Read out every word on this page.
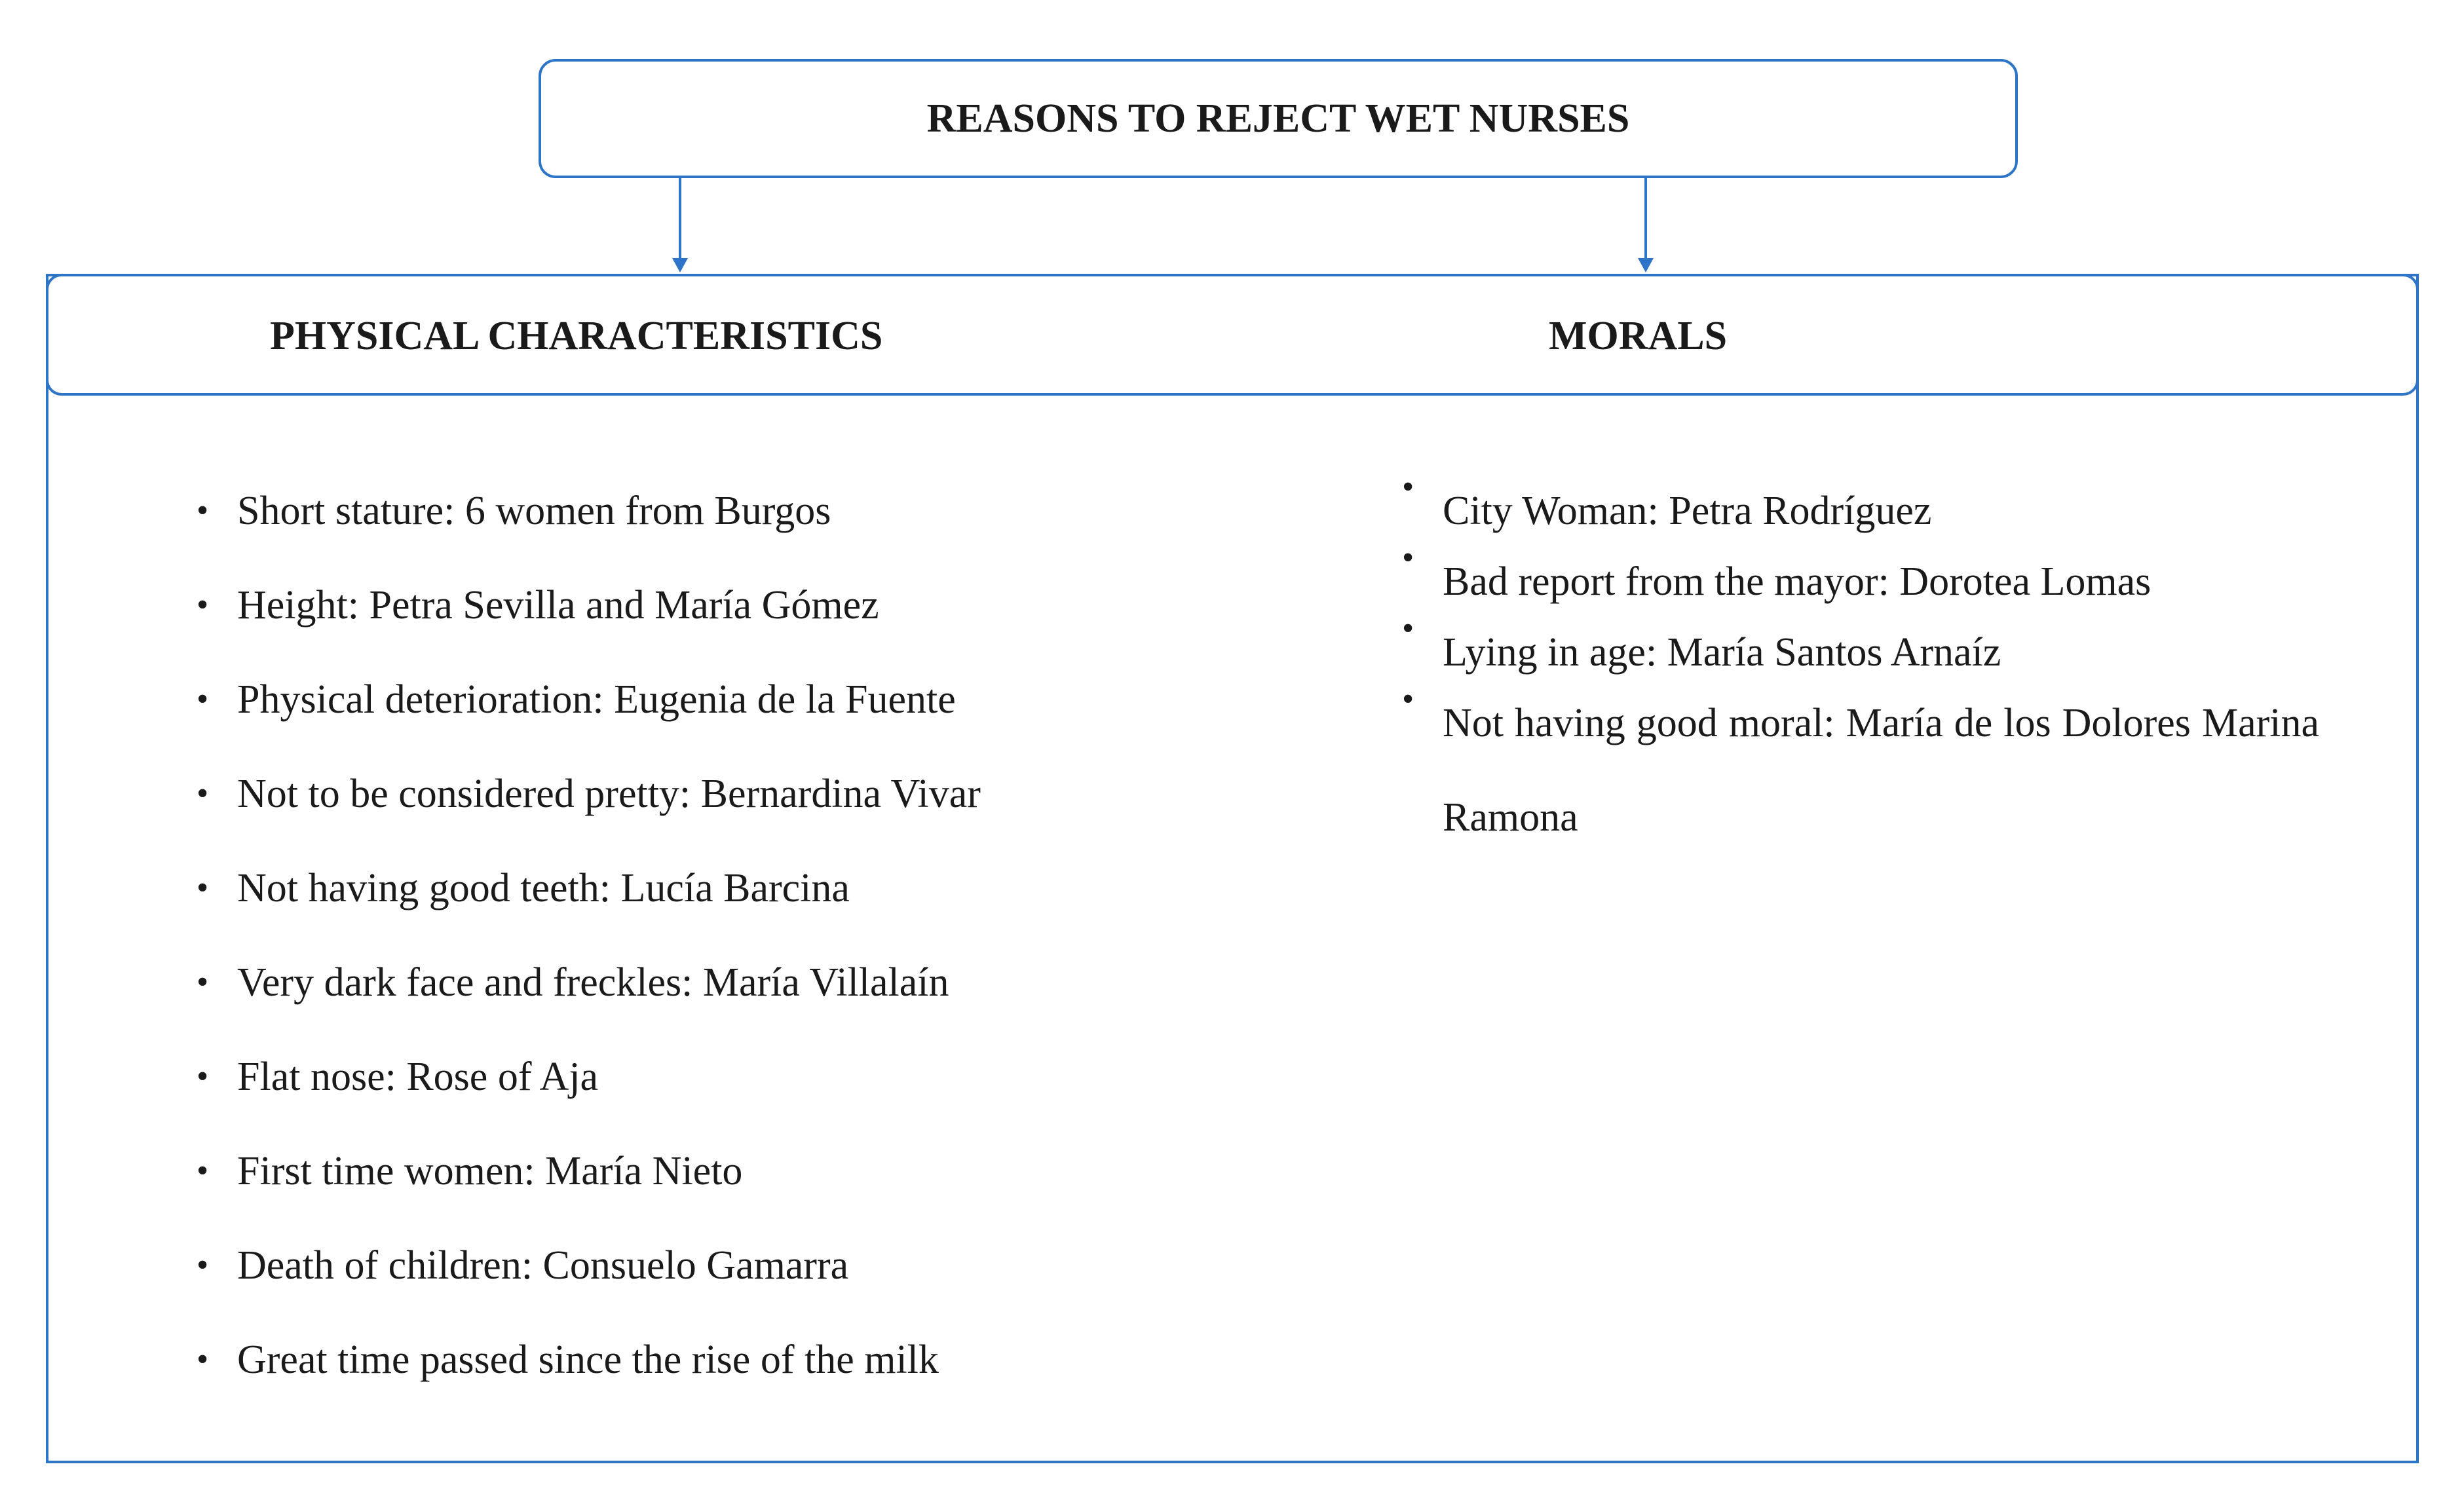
REASONS TO REJECT WET NURSES
PHYSICAL CHARACTERISTICS	MORALS
• Short stature: 6 women from Burgos
• Height: Petra Sevilla and María Gómez
• Physical deterioration: Eugenia de la Fuente
• Not to be considered pretty: Bernardina Vivar
• Not having good teeth: Lucía Barcina
• Very dark face and freckles: María Villalaín
• Flat nose: Rose of Aja
• First time women: María Nieto
• Death of children: Consuelo Gamarra
• Great time passed since the rise of the milk
•
City Woman: Petra Rodríguez
•
Bad report from the mayor: Dorotea Lomas
•
Lying in age: María Santos Arnaíz
•
Not having good moral: María de los Dolores Marina Ramona
